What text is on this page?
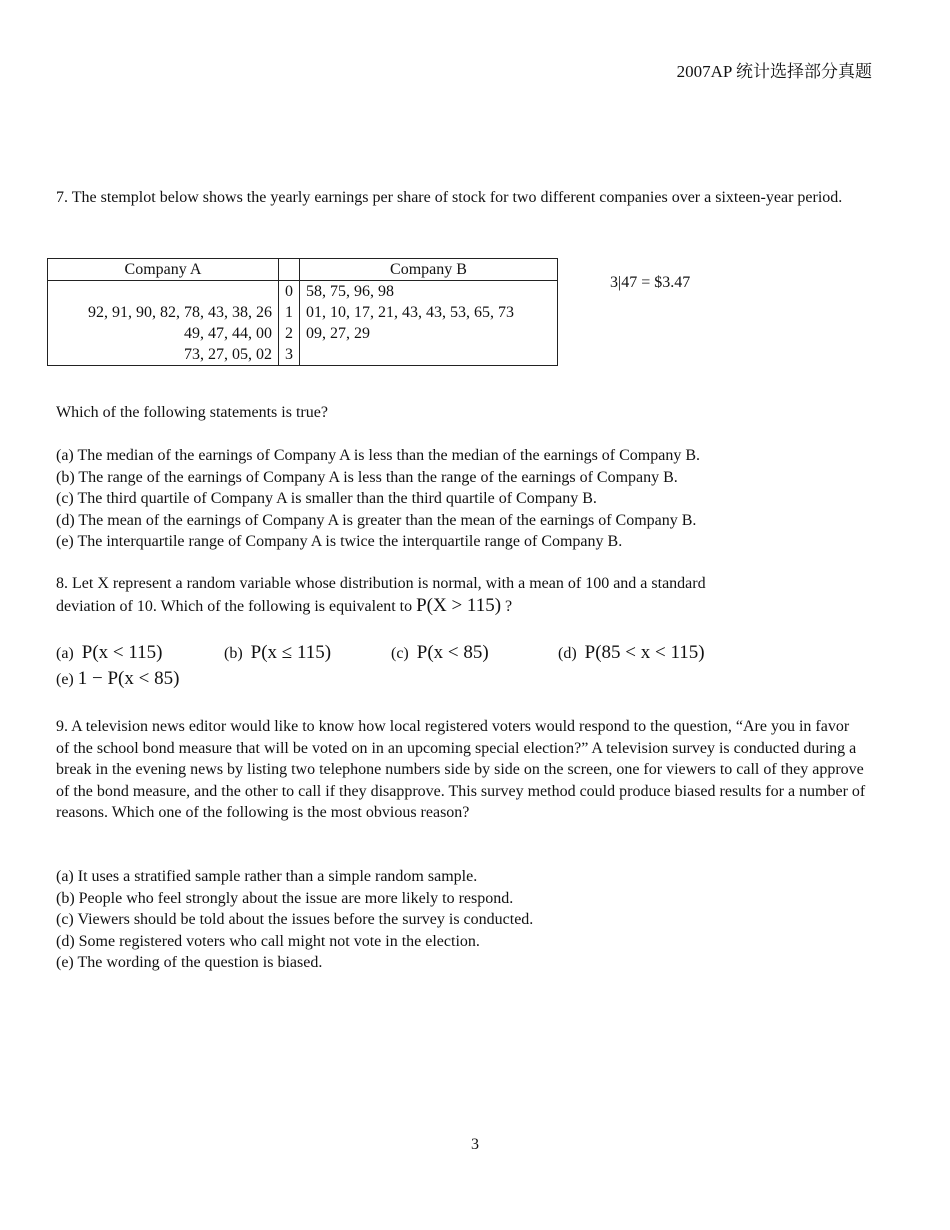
2007AP 统计选择部分真题

7. The stemplot below shows the yearly earnings per share of stock for two different companies over a sixteen-year period.

Company A		Company B
	0	58, 75, 96, 98
92, 91, 90, 82, 78, 43, 38, 26	1	01, 10, 17, 21, 43, 43, 53, 65, 73
49, 47, 44, 00	2	09, 27, 29
73, 27, 05, 02	3	
3|47 = $3.47

Which of the following statements is true?

(a) The median of the earnings of Company A is less than the median of the earnings of Company B.

(b) The range of the earnings of Company A is less than the range of the earnings of Company B.

(c) The third quartile of Company A is smaller than the third quartile of Company B.

(d) The mean of the earnings of Company A is greater than the mean of the earnings of Company B.

(e) The interquartile range of Company A is twice the interquartile range of Company B.

8. Let X represent a random variable whose distribution is normal, with a mean of 100 and a standard

deviation of 10. Which of the following is equivalent to P(X > 115) ?

(a) P(x < 115)	(b) P(x ≤ 115)	(c) P(x < 85)	(d) P(85 < x < 115)
(e) 1 − P(x < 85)

9. A television news editor would like to know how local registered voters would respond to the question, “Are you in favor of the school bond measure that will be voted on in an upcoming special election?” A television survey is conducted during a break in the evening news by listing two telephone numbers side by side on the screen, one for viewers to call of they approve of the bond measure, and the other to call if they disapprove. This survey method could produce biased results for a number of reasons. Which one of the following is the most obvious reason?

(a) It uses a stratified sample rather than a simple random sample.

(b) People who feel strongly about the issue are more likely to respond.

(c) Viewers should be told about the issues before the survey is conducted.

(d) Some registered voters who call might not vote in the election.

(e) The wording of the question is biased.

3
